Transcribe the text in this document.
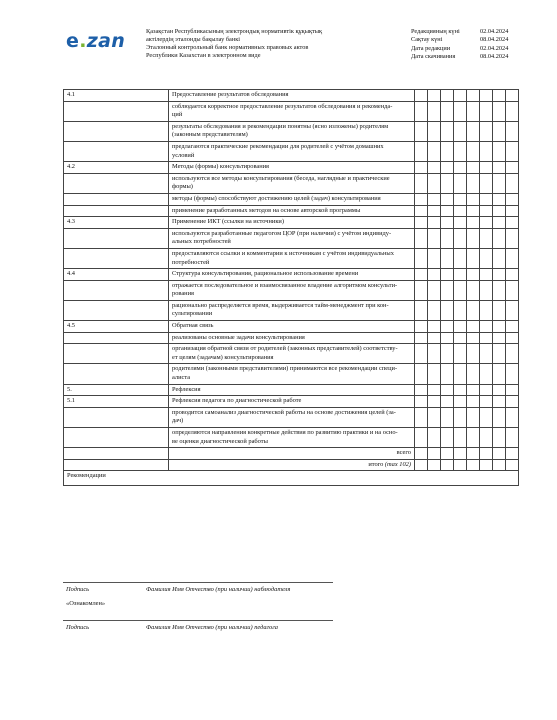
e.zan	Қазақстан Республикасының электрондық нормативтік құқықтық
актілердің эталонды бақылау банкі
Эталонный контрольный банк нормативных правовых актов
Республики Казахстан в электронном виде
Редакцияның күні	02.04.2024
Сақтау күні	08.04.2024
Дата редакции	02.04.2024
Дата скачивания	08.04.2024
4.1	Предоставление результатов обследования								
	соблюдается корректное предоставление результатов обследования и рекоменда-
ций								
	результаты обследования и рекомендации понятны (ясно изложены) родителям
(законным представителям)								
	предлагаются практические рекомендации для родителей с учётом домашних
условий								
4.2	Методы (формы) консультирования								
	используются все методы консультирования (беседа, наглядные и практические
формы)								
	методы (формы) способствуют достижению целей (задач) консультирования								
	применение разработанных методов на основе авторской программы								
4.3	Применение ИКТ (ссылки на источники)								
	используются разработанные педагогом ЦОР (при наличии) с учётом индивиду-
альных потребностей								
	предоставляются ссылки и комментарии к источникам с учётом индивидуальных
потребностей								
4.4	Структура консультирования, рациональное использование времени								
	отражается последовательное и взаимосвязанное владение алгоритмом консульти-
рования								
	рационально распределяется время, выдерживается тайм-менеджмент при кон-
сультировании								
4.5	Обратная связь								
	реализованы основные задачи консультирования								
	организация обратной связи от родителей (законных представителей) соответству-
ет целям (задачам) консультирования								
	родителями (законными представителями) принимаются все рекомендации специ-
алиста								
5.	Рефлексия								
5.1	Рефлексия педагога по диагностической работе								
	проводится самоанализ диагностической работы на основе достижения целей (за-
дач)								
	определяются направления конкретные действия по развитию практики и на осно-
ве оценки диагностической работы								
	всего								
	итого (max 102)								
Рекомендации									
Подпись	Фамилия Имя Отчество (при наличии) наблюдателя
«Ознакомлен»
Подпись	Фамилия Имя Отчество (при наличии) педагога
